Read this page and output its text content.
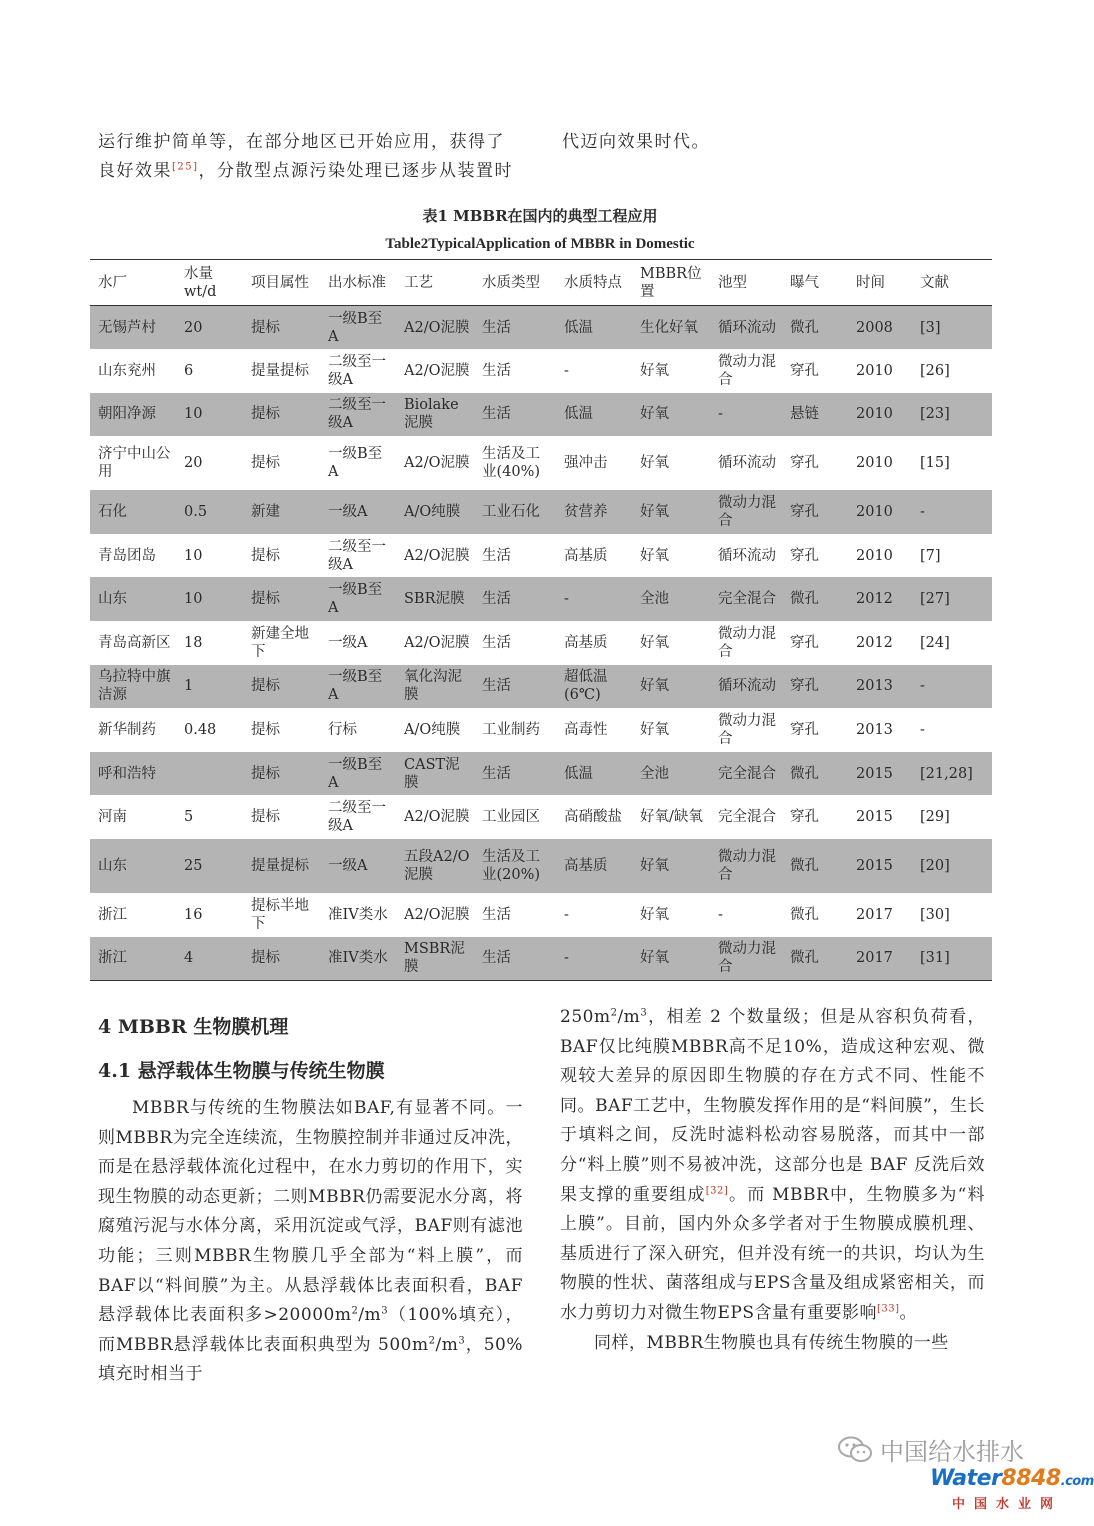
运行维护简单等，在部分地区已开始应用，获得了
良好效果[25]，分散型点源污染处理已逐步从装置时
代迈向效果时代。
表1 MBBR在国内的典型工程应用
Table2TypicalApplication of MBBR in Domestic
水厂	水量wt/d	项目属性	出水标准	工艺	水质类型	水质特点	MBBR位置	池型	曝气	时间	文献
无锡芦村	20	提标	一级B至A	A2/O泥膜	生活	低温	生化好氧	循环流动	微孔	2008	[3]
山东兖州	6	提量提标	二级至一级A	A2/O泥膜	生活	-	好氧	微动力混合	穿孔	2010	[26]
朝阳净源	10	提标	二级至一级A	Biolake泥膜	生活	低温	好氧	-	悬链	2010	[23]
济宁中山公用	20	提标	一级B至A	A2/O泥膜	生活及工业(40%)	强冲击	好氧	循环流动	穿孔	2010	[15]
石化	0.5	新建	一级A	A/O纯膜	工业石化	贫营养	好氧	微动力混合	穿孔	2010	-
青岛团岛	10	提标	二级至一级A	A2/O泥膜	生活	高基质	好氧	循环流动	穿孔	2010	[7]
山东	10	提标	一级B至A	SBR泥膜	生活	-	全池	完全混合	微孔	2012	[27]
青岛高新区	18	新建全地下	一级A	A2/O泥膜	生活	高基质	好氧	微动力混合	穿孔	2012	[24]
乌拉特中旗洁源	1	提标	一级B至A	氧化沟泥膜	生活	超低温(6℃)	好氧	循环流动	穿孔	2013	-
新华制药	0.48	提标	行标	A/O纯膜	工业制药	高毒性	好氧	微动力混合	穿孔	2013	-
呼和浩特		提标	一级B至A	CAST泥膜	生活	低温	全池	完全混合	微孔	2015	[21,28]
河南	5	提标	二级至一级A	A2/O泥膜	工业园区	高硝酸盐	好氧/缺氧	完全混合	穿孔	2015	[29]
山东	25	提量提标	一级A	五段A2/O泥膜	生活及工业(20%)	高基质	好氧	微动力混合	微孔	2015	[20]
浙江	16	提标半地下	准IV类水	A2/O泥膜	生活	-	好氧	-	微孔	2017	[30]
浙江	4	提标	准IV类水	MSBR泥膜	生活	-	好氧	微动力混合	微孔	2017	[31]
4 MBBR 生物膜机理
4.1 悬浮载体生物膜与传统生物膜

MBBR与传统的生物膜法如BAF,有显著不同。一则MBBR为完全连续流，生物膜控制并非通过反冲洗，而是在悬浮载体流化过程中，在水力剪切的作用下，实现生物膜的动态更新；二则MBBR仍需要泥水分离，将腐殖污泥与水体分离，采用沉淀或气浮，BAF则有滤池功能；三则MBBR生物膜几乎全部为“料上膜”，而BAF以“料间膜”为主。从悬浮载体比表面积看，BAF 悬浮载体比表面积多$>20000m^2/m^3(100\%$填充），而MBBR悬浮载体比表面积典型为 $500m^2/m^3$，50%填充时相当于

$250m^2/m^3$，相差 2 个数量级；但是从容积负荷看，BAF仅比纯膜MBBR高不足10%，造成这种宏观、微观较大差异的原因即生物膜的存在方式不同、性能不同。BAF工艺中，生物膜发挥作用的是“料间膜”，生长于填料之间，反洗时滤料松动容易脱落，而其中一部分“料上膜”则不易被冲洗，这部分也是 BAF 反洗后效果支撑的重要组成[32]。而 MBBR中，生物膜多为“料上膜”。目前，国内外众多学者对于生物膜成膜机理、基质进行了深入研究，但并没有统一的共识，均认为生物膜的性状、菌落组成与EPS含量及组成紧密相关，而水力剪切力对微生物EPS含量有重要影响[33]。

同样，MBBR生物膜也具有传统生物膜的一些

中国给水排水
Water8848.com
中国水业网
